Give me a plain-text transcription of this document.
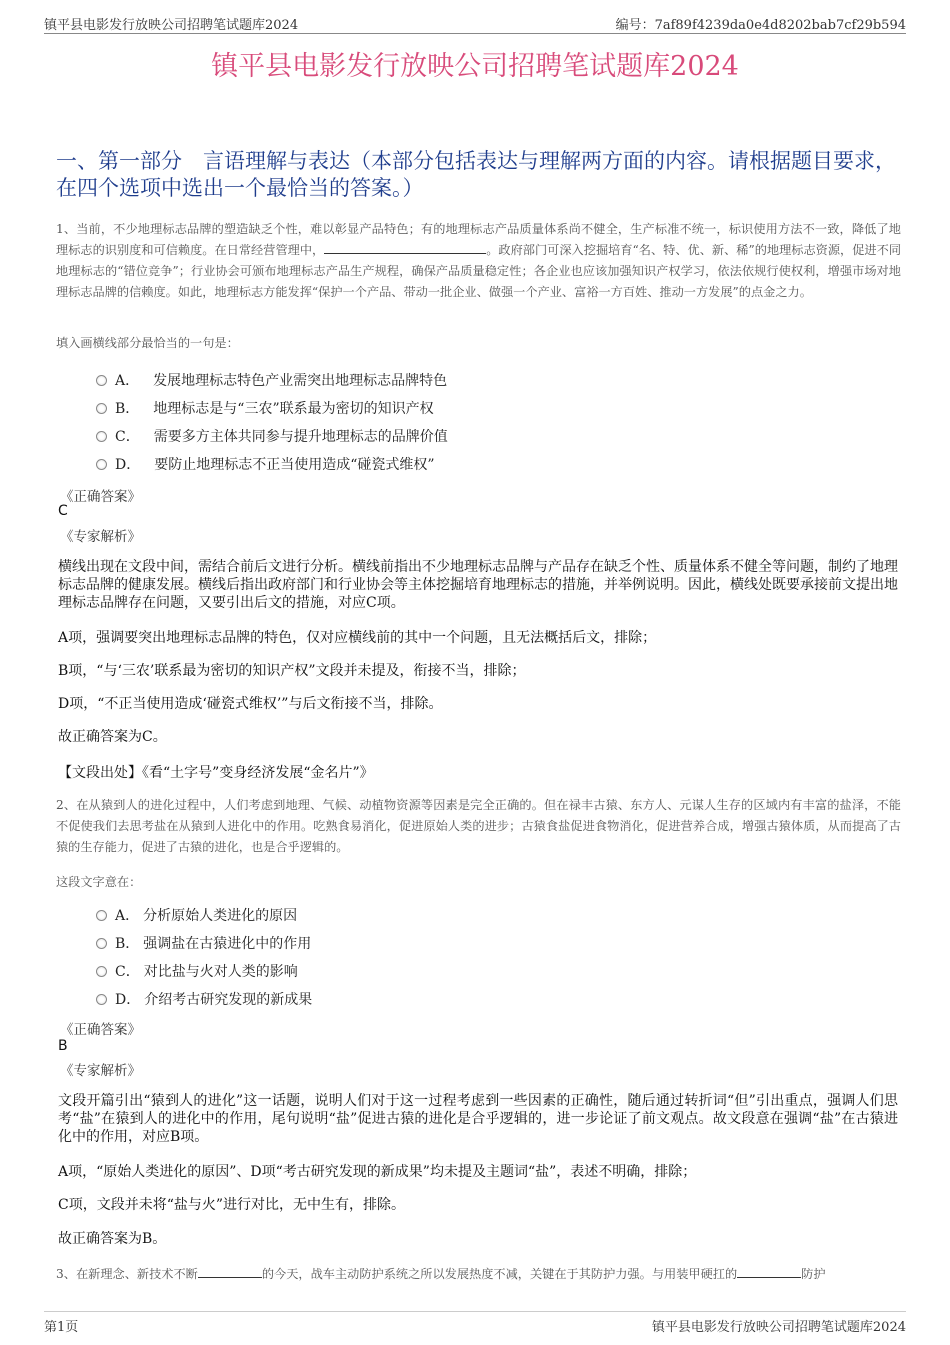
镇平县电影发行放映公司招聘笔试题库2024	编号：7af89f4239da0e4d8202bab7cf29b594
镇平县电影发行放映公司招聘笔试题库2024
一、第一部分　言语理解与表达（本部分包括表达与理解两方面的内容。请根据题目要求，在四个选项中选出一个最恰当的答案。）
1、当前，不少地理标志品牌的塑造缺乏个性，难以彰显产品特色；有的地理标志产品质量体系尚不健全，生产标准不统一，标识使用方法不一致，降低了地理标志的识别度和可信赖度。在日常经营管理中，	。政府部门可深入挖掘培育“名、特、优、新、稀”的地理标志资源，促进不同地理标志的“错位竞争”；行业协会可颁布地理标志产品生产规程，确保产品质量稳定性；各企业也应该加强知识产权学习，依法依规行使权利，增强市场对地理标志品牌的信赖度。如此，地理标志方能发挥“保护一个产品、带动一批企业、做强一个产业、富裕一方百姓、推动一方发展”的点金之力。
填入画横线部分最恰当的一句是：
A． 发展地理标志特色产业需突出地理标志品牌特色
B． 地理标志是与“三农”联系最为密切的知识产权
C． 需要多方主体共同参与提升地理标志的品牌价值
D． 要防止地理标志不正当使用造成“碰瓷式维权”
《正确答案》
C
《专家解析》
横线出现在文段中间，需结合前后文进行分析。横线前指出不少地理标志品牌与产品存在缺乏个性、质量体系不健全等问题，制约了地理标志品牌的健康发展。横线后指出政府部门和行业协会等主体挖掘培育地理标志的措施，并举例说明。因此，横线处既要承接前文提出地理标志品牌存在问题，又要引出后文的措施，对应C项。
A项，强调要突出地理标志品牌的特色，仅对应横线前的其中一个问题，且无法概括后文，排除；
B项，“与‘三农’联系最为密切的知识产权”文段并未提及，衔接不当，排除；
D项，“不正当使用造成‘碰瓷式维权’”与后文衔接不当，排除。
故正确答案为C。
【文段出处】《看“土字号”变身经济发展“金名片”》
2、在从猿到人的进化过程中，人们考虑到地理、气候、动植物资源等因素是完全正确的。但在禄丰古猿、东方人、元谋人生存的区域内有丰富的盐泽，不能不促使我们去思考盐在从猿到人进化中的作用。吃熟食易消化，促进原始人类的进步；古猿食盐促进食物消化，促进营养合成，增强古猿体质，从而提高了古猿的生存能力，促进了古猿的进化，也是合乎逻辑的。
这段文字意在：
A． 分析原始人类进化的原因
B． 强调盐在古猿进化中的作用
C． 对比盐与火对人类的影响
D． 介绍考古研究发现的新成果
《正确答案》
B
《专家解析》
文段开篇引出“猿到人的进化”这一话题，说明人们对于这一过程考虑到一些因素的正确性，随后通过转折词“但”引出重点，强调人们思考“盐”在猿到人的进化中的作用，尾句说明“盐”促进古猿的进化是合乎逻辑的，进一步论证了前文观点。故文段意在强调“盐”在古猿进化中的作用，对应B项。
A项，“原始人类进化的原因”、D项“考古研究发现的新成果”均未提及主题词“盐”，表述不明确，排除；
C项，文段并未将“盐与火”进行对比，无中生有，排除。
故正确答案为B。
3、在新理念、新技术不断	的今天，战车主动防护系统之所以发展热度不减，关键在于其防护力强。与用装甲硬扛的	防护
第1页	镇平县电影发行放映公司招聘笔试题库2024
